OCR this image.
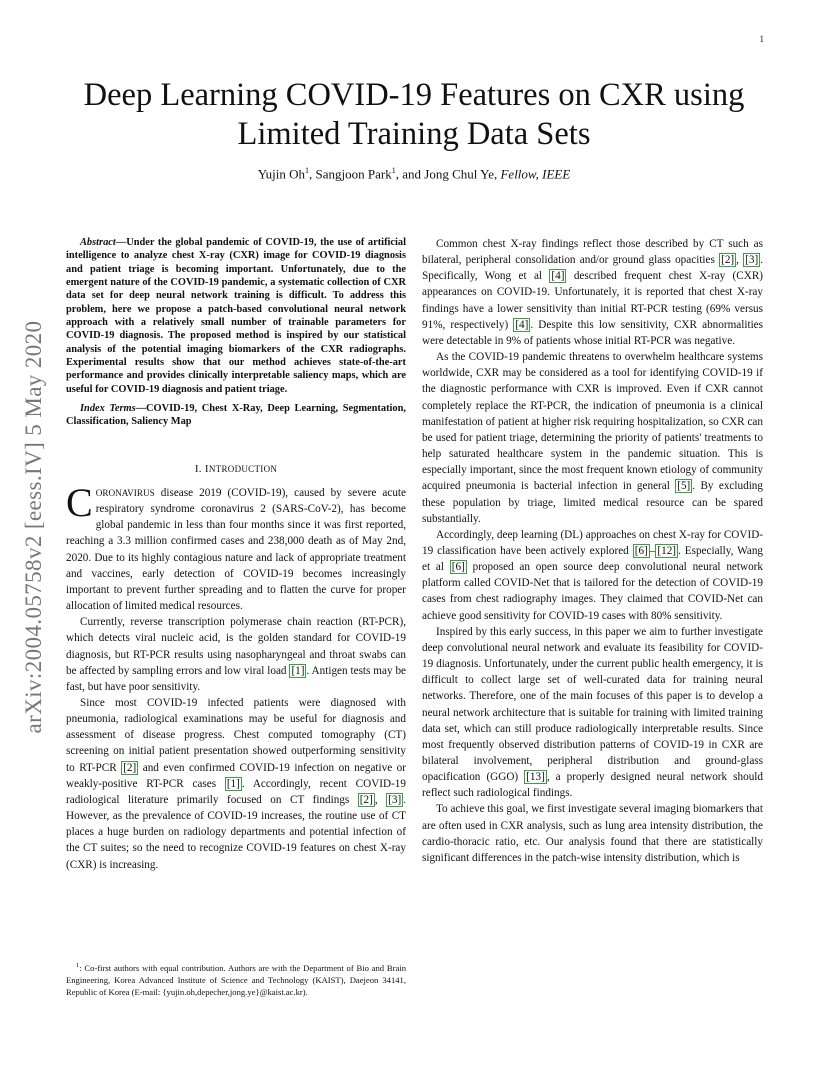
1
arXiv:2004.05758v2 [eess.IV] 5 May 2020
Deep Learning COVID-19 Features on CXR using
Limited Training Data Sets
Yujin Oh$^1$, Sangjoon Park$^1$, and Jong Chul Ye, Fellow, IEEE

Abstract—Under the global pandemic of COVID-19, the use of artificial intelligence to analyze chest X-ray (CXR) image for COVID-19 diagnosis and patient triage is becoming important. Unfortunately, due to the emergent nature of the COVID-19 pandemic, a systematic collection of CXR data set for deep neural network training is difficult. To address this problem, here we propose a patch-based convolutional neural network approach with a relatively small number of trainable parameters for COVID-19 diagnosis. The proposed method is inspired by our statistical analysis of the potential imaging biomarkers of the CXR radiographs. Experimental results show that our method achieves state-of-the-art performance and provides clinically interpretable saliency maps, which are useful for COVID-19 diagnosis and patient triage.

Index Terms—COVID-19, Chest X-Ray, Deep Learning, Segmentation, Classification, Saliency Map

I. INTRODUCTION

CORONAVIRUS disease 2019 (COVID-19), caused by severe acute respiratory syndrome coronavirus 2 (SARS-CoV-2), has become global pandemic in less than four months since it was first reported, reaching a 3.3 million confirmed cases and 238,000 death as of May 2nd, 2020. Due to its highly contagious nature and lack of appropriate treatment and vaccines, early detection of COVID-19 becomes increasingly important to prevent further spreading and to flatten the curve for proper allocation of limited medical resources.

Currently, reverse transcription polymerase chain reaction (RT-PCR), which detects viral nucleic acid, is the golden standard for COVID-19 diagnosis, but RT-PCR results using nasopharyngeal and throat swabs can be affected by sampling errors and low viral load [1] . Antigen tests may be fast, but have poor sensitivity.

Since most COVID-19 infected patients were diagnosed with pneumonia, radiological examinations may be useful for diagnosis and assessment of disease progress. Chest computed tomography (CT) screening on initial patient presentation showed outperforming sensitivity to RT-PCR [2] and even confirmed COVID-19 infection on negative or weakly-positive RT-PCR cases [1] . Accordingly, recent COVID-19 radiological literature primarily focused on CT findings [2] , [3] . However, as the prevalence of COVID-19 increases, the routine use of CT places a huge burden on radiology departments and potential infection of the CT suites; so the need to recognize COVID-19 features on chest X-ray (CXR) is increasing.

$^1$: Co-first authors with equal contribution. Authors are with the Department of Bio and Brain Engineering, Korea Advanced Institute of Science and Technology (KAIST), Daejeon 34141, Republic of Korea (E-mail: {yujin.oh,depecher,jong.ye}@kaist.ac.kr).

Common chest X-ray findings reflect those described by CT such as bilateral, peripheral consolidation and/or ground glass opacities [2] , [3] . Specifically, Wong et al [4] described frequent chest X-ray (CXR) appearances on COVID-19. Unfortunately, it is reported that chest X-ray findings have a lower sensitivity than initial RT-PCR testing (69% versus 91%, respectively) [4] . Despite this low sensitivity, CXR abnormalities were detectable in 9% of patients whose initial RT-PCR was negative.

As the COVID-19 pandemic threatens to overwhelm healthcare systems worldwide, CXR may be considered as a tool for identifying COVID-19 if the diagnostic performance with CXR is improved. Even if CXR cannot completely replace the RT-PCR, the indication of pneumonia is a clinical manifestation of patient at higher risk requiring hospitalization, so CXR can be used for patient triage, determining the priority of patients' treatments to help saturated healthcare system in the pandemic situation. This is especially important, since the most frequent known etiology of community acquired pneumonia is bacterial infection in general [5] . By excluding these population by triage, limited medical resource can be spared substantially.

Accordingly, deep learning (DL) approaches on chest X-ray for COVID-19 classification have been actively explored [6] – [12] . Especially, Wang et al [6] proposed an open source deep convolutional neural network platform called COVID-Net that is tailored for the detection of COVID-19 cases from chest radiography images. They claimed that COVID-Net can achieve good sensitivity for COVID-19 cases with 80% sensitivity.

Inspired by this early success, in this paper we aim to further investigate deep convolutional neural network and evaluate its feasibility for COVID-19 diagnosis. Unfortunately, under the current public health emergency, it is difficult to collect large set of well-curated data for training neural networks. Therefore, one of the main focuses of this paper is to develop a neural network architecture that is suitable for training with limited training data set, which can still produce radiologically interpretable results. Since most frequently observed distribution patterns of COVID-19 in CXR are bilateral involvement, peripheral distribution and ground-glass opacification (GGO) [13] , a properly designed neural network should reflect such radiological findings.

To achieve this goal, we first investigate several imaging biomarkers that are often used in CXR analysis, such as lung area intensity distribution, the cardio-thoracic ratio, etc. Our analysis found that there are statistically significant differences in the patch-wise intensity distribution, which is
